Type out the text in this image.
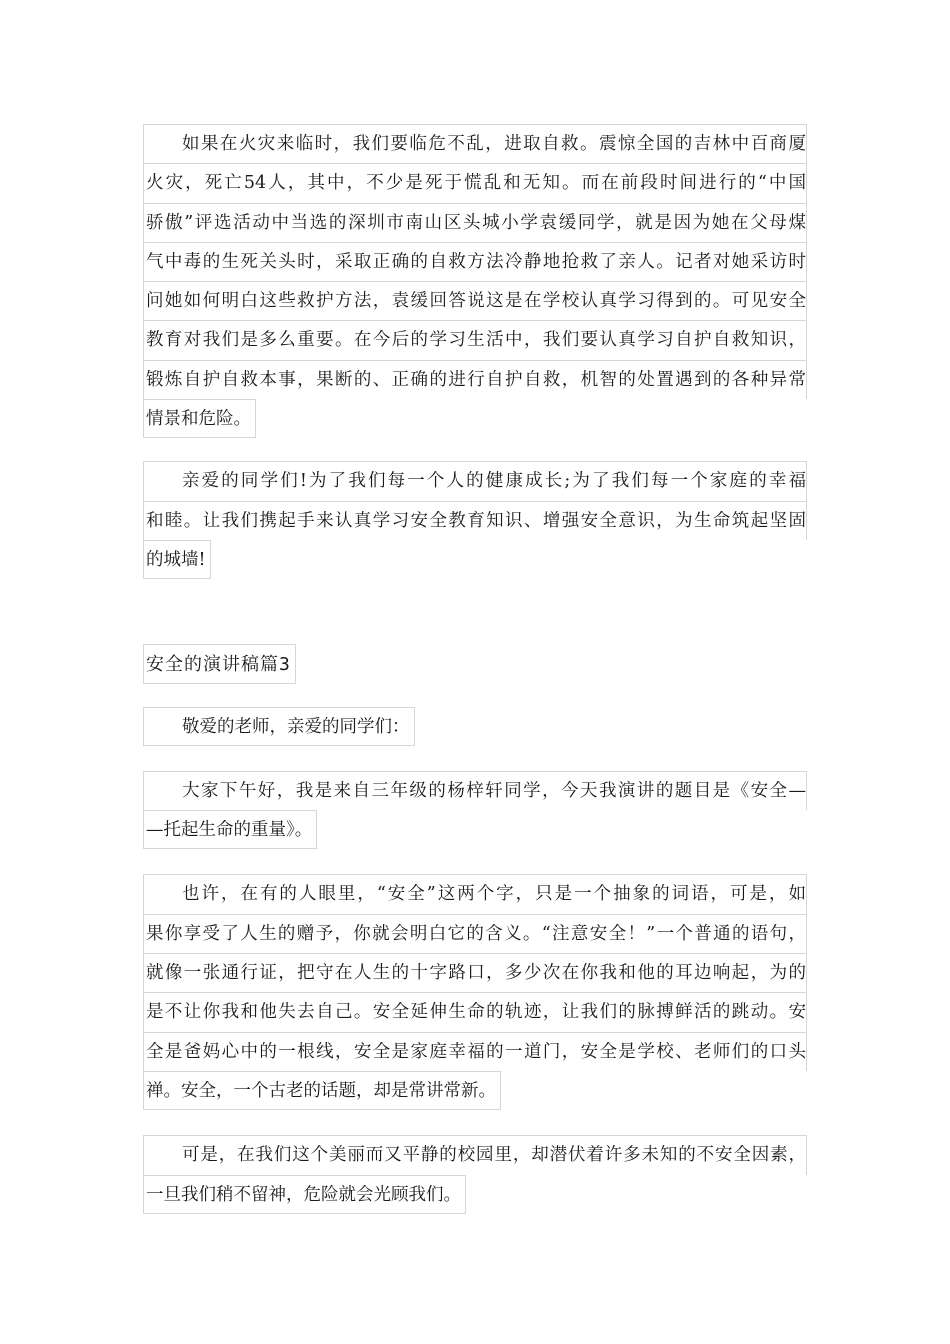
如果在火灾来临时，我们要临危不乱，进取自救。震惊全国的吉林中百商厦
火灾，死亡54人，其中，不少是死于慌乱和无知。而在前段时间进行的“中国
骄傲”评选活动中当选的深圳市南山区头城小学袁缓同学，就是因为她在父母煤
气中毒的生死关头时，采取正确的自救方法冷静地抢救了亲人。记者对她采访时
问她如何明白这些救护方法，袁缓回答说这是在学校认真学习得到的。可见安全
教育对我们是多么重要。在今后的学习生活中，我们要认真学习自护自救知识，
锻炼自护自救本事，果断的、正确的进行自护自救，机智的处置遇到的各种异常
情景和危险。
亲爱的同学们!为了我们每一个人的健康成长;为了我们每一个家庭的幸福
和睦。让我们携起手来认真学习安全教育知识、增强安全意识，为生命筑起坚固
的城墙!
安全的演讲稿篇3
敬爱的老师，亲爱的同学们：
大家下午好，我是来自三年级的杨梓轩同学，今天我演讲的题目是《安全—
—托起生命的重量》。
也许，在有的人眼里，“安全”这两个字，只是一个抽象的词语，可是，如
果你享受了人生的赠予，你就会明白它的含义。“注意安全！”一个普通的语句，
就像一张通行证，把守在人生的十字路口，多少次在你我和他的耳边响起，为的
是不让你我和他失去自己。安全延伸生命的轨迹，让我们的脉搏鲜活的跳动。安
全是爸妈心中的一根线，安全是家庭幸福的一道门，安全是学校、老师们的口头
禅。安全，一个古老的话题，却是常讲常新。
可是，在我们这个美丽而又平静的校园里，却潜伏着许多未知的不安全因素，
一旦我们稍不留神，危险就会光顾我们。
